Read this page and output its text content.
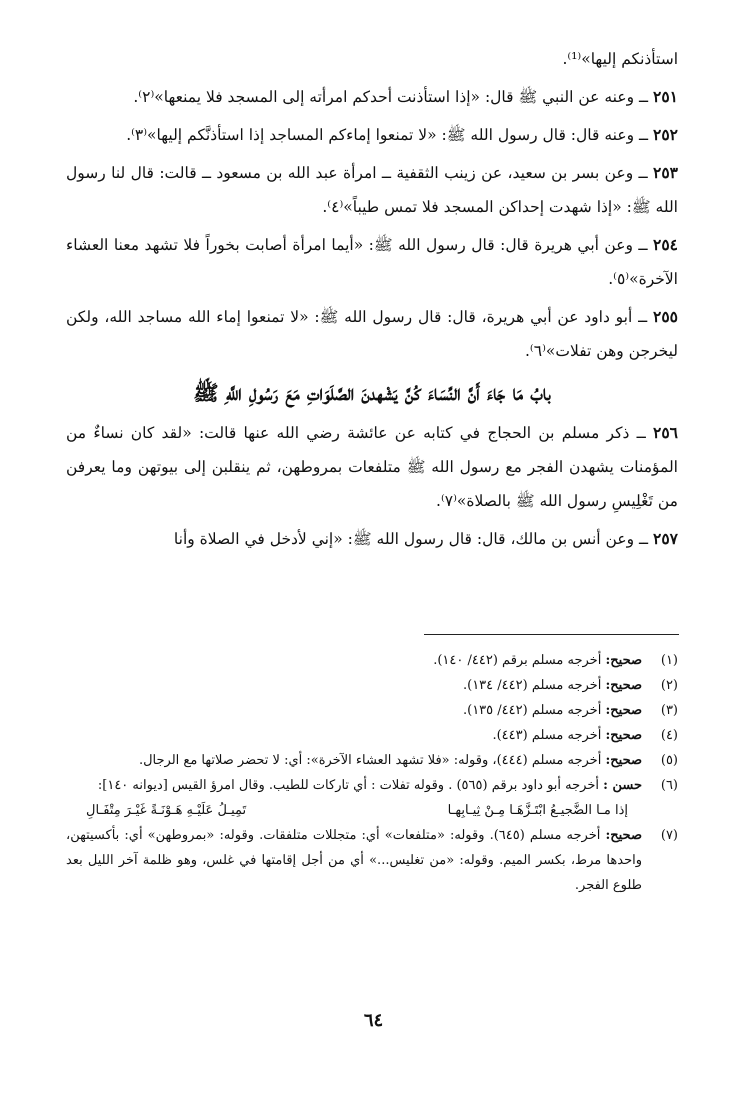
استأذنكم إليها»⁽¹⁾.

٢٥١ ــ وعنه عن النبي ﷺ قال: «إذا استأذنت أحدكم امرأته إلى المسجد فلا يمنعها»⁽٢⁾.

٢٥٢ ــ وعنه قال: قال رسول الله ﷺ: «لا تمنعوا إماءكم المساجد إذا استأذنَّكم إليها»⁽٣⁾.

٢٥٣ ــ وعن بسر بن سعيد، عن زينب الثقفية ــ امرأة عبد الله بن مسعود ــ قالت: قال لنا رسول الله ﷺ: «إذا شهدت إحداكن المسجد فلا تمس طيباً»⁽٤⁾.

٢٥٤ ــ وعن أبي هريرة قال: قال رسول الله ﷺ: «أيما امرأة أصابت بخوراً فلا تشهد معنا العشاء الآخرة»⁽٥⁾.

٢٥٥ ــ أبو داود عن أبي هريرة، قال: قال رسول الله ﷺ: «لا تمنعوا إماء الله مساجد الله، ولكن ليخرجن وهن تفلات»⁽٦⁾.

بابُ مَا جَاءَ أَنَّ النِّسَاءَ كُنَّ يَشْهدنَ الصَّلَوَاتِ مَعَ رَسُولِ اللَّهِ ﷺ

٢٥٦ ــ ذكر مسلم بن الحجاج في كتابه عن عائشة رضي الله عنها قالت: «لقد كان نساءٌ من المؤمنات يشهدن الفجر مع رسول الله ﷺ متلفعات بمروطهن، ثم ينقلبن إلى بيوتهن وما يعرفن من تَغْلِيسِ رسول الله ﷺ بالصلاة»⁽٧⁾.

٢٥٧ ــ وعن أنس بن مالك، قال: قال رسول الله ﷺ: «إني لأدخل في الصلاة وأنا

(١)
صحيح: أخرجه مسلم برقم (٤٤٢/ ١٤٠).
(٢)
صحيح: أخرجه مسلم (٤٤٢/ ١٣٤).
(٣)
صحيح: أخرجه مسلم (٤٤٢/ ١٣٥).
(٤)
صحيح: أخرجه مسلم (٤٤٣).
(٥)
صحيح: أخرجه مسلم (٤٤٤)، وقوله: «فلا تشهد العشاء الآخرة»: أي: لا تحضر صلاتها مع الرجال.
(٦)
حسن : أخرجه أبو داود برقم (٥٦٥) . وقوله تفلات : أي تاركات للطيب. وقال امرؤ القيس [ديوانه ١٤٠]:
إذا مـا الضَّجيـعُ ابْتَـزَّهَـا مِـنْ ثِيـابِهـا
تَمِيـلُ عَلَيْـهِ هَـوْنَـةً غَيْـرَ مِتْفَـالِ
(٧)
صحيح: أخرجه مسلم (٦٤٥). وقوله: «متلفعات» أي: متجللات متلفقات. وقوله: «بمروطهن» أي: بأكسيتهن، واحدها مرط، بكسر الميم. وقوله: «من تغليس...» أي من أجل إقامتها في غلس، وهو ظلمة آخر الليل بعد طلوع الفجر.
٦٤
